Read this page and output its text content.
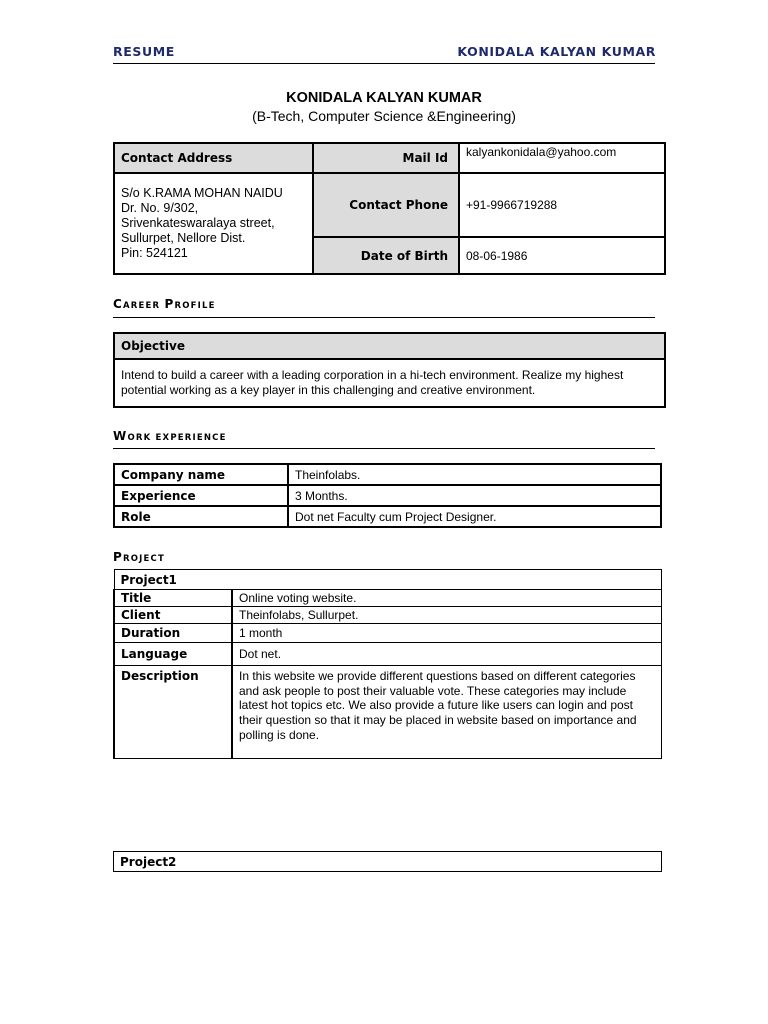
RESUME	KONIDALA KALYAN KUMAR
KONIDALA KALYAN KUMAR
(B-Tech, Computer Science &Engineering)
Contact Address	Mail Id	kalyankonidala@yahoo.com

S/o K.RAMA MOHAN NAIDU
Dr. No. 9/302,
Srivenkateswaralaya street,
Sullurpet, Nellore Dist.
Pin: 524121	Contact Phone	+91-9966719288
	Date of Birth	08-06-1986
CAREER PROFILE
Objective
Intend to build a career with a leading corporation in a hi-tech environment. Realize my highest potential working as a key player in this challenging and creative environment.
WORK EXPERIENCE
Company name	Theinfolabs.
Experience	3 Months.
Role	Dot net Faculty cum Project Designer.
PROJECT
Project1	
Title	Online voting website.
Client	Theinfolabs, Sullurpet.
Duration	1 month
Language	Dot net.
Description	In this website we provide different questions based on different categories and ask people to post their valuable vote. These categories may include latest hot topics etc. We also provide a future like users can login and post their question so that it may be placed in website based on importance and polling is done.
Project2
